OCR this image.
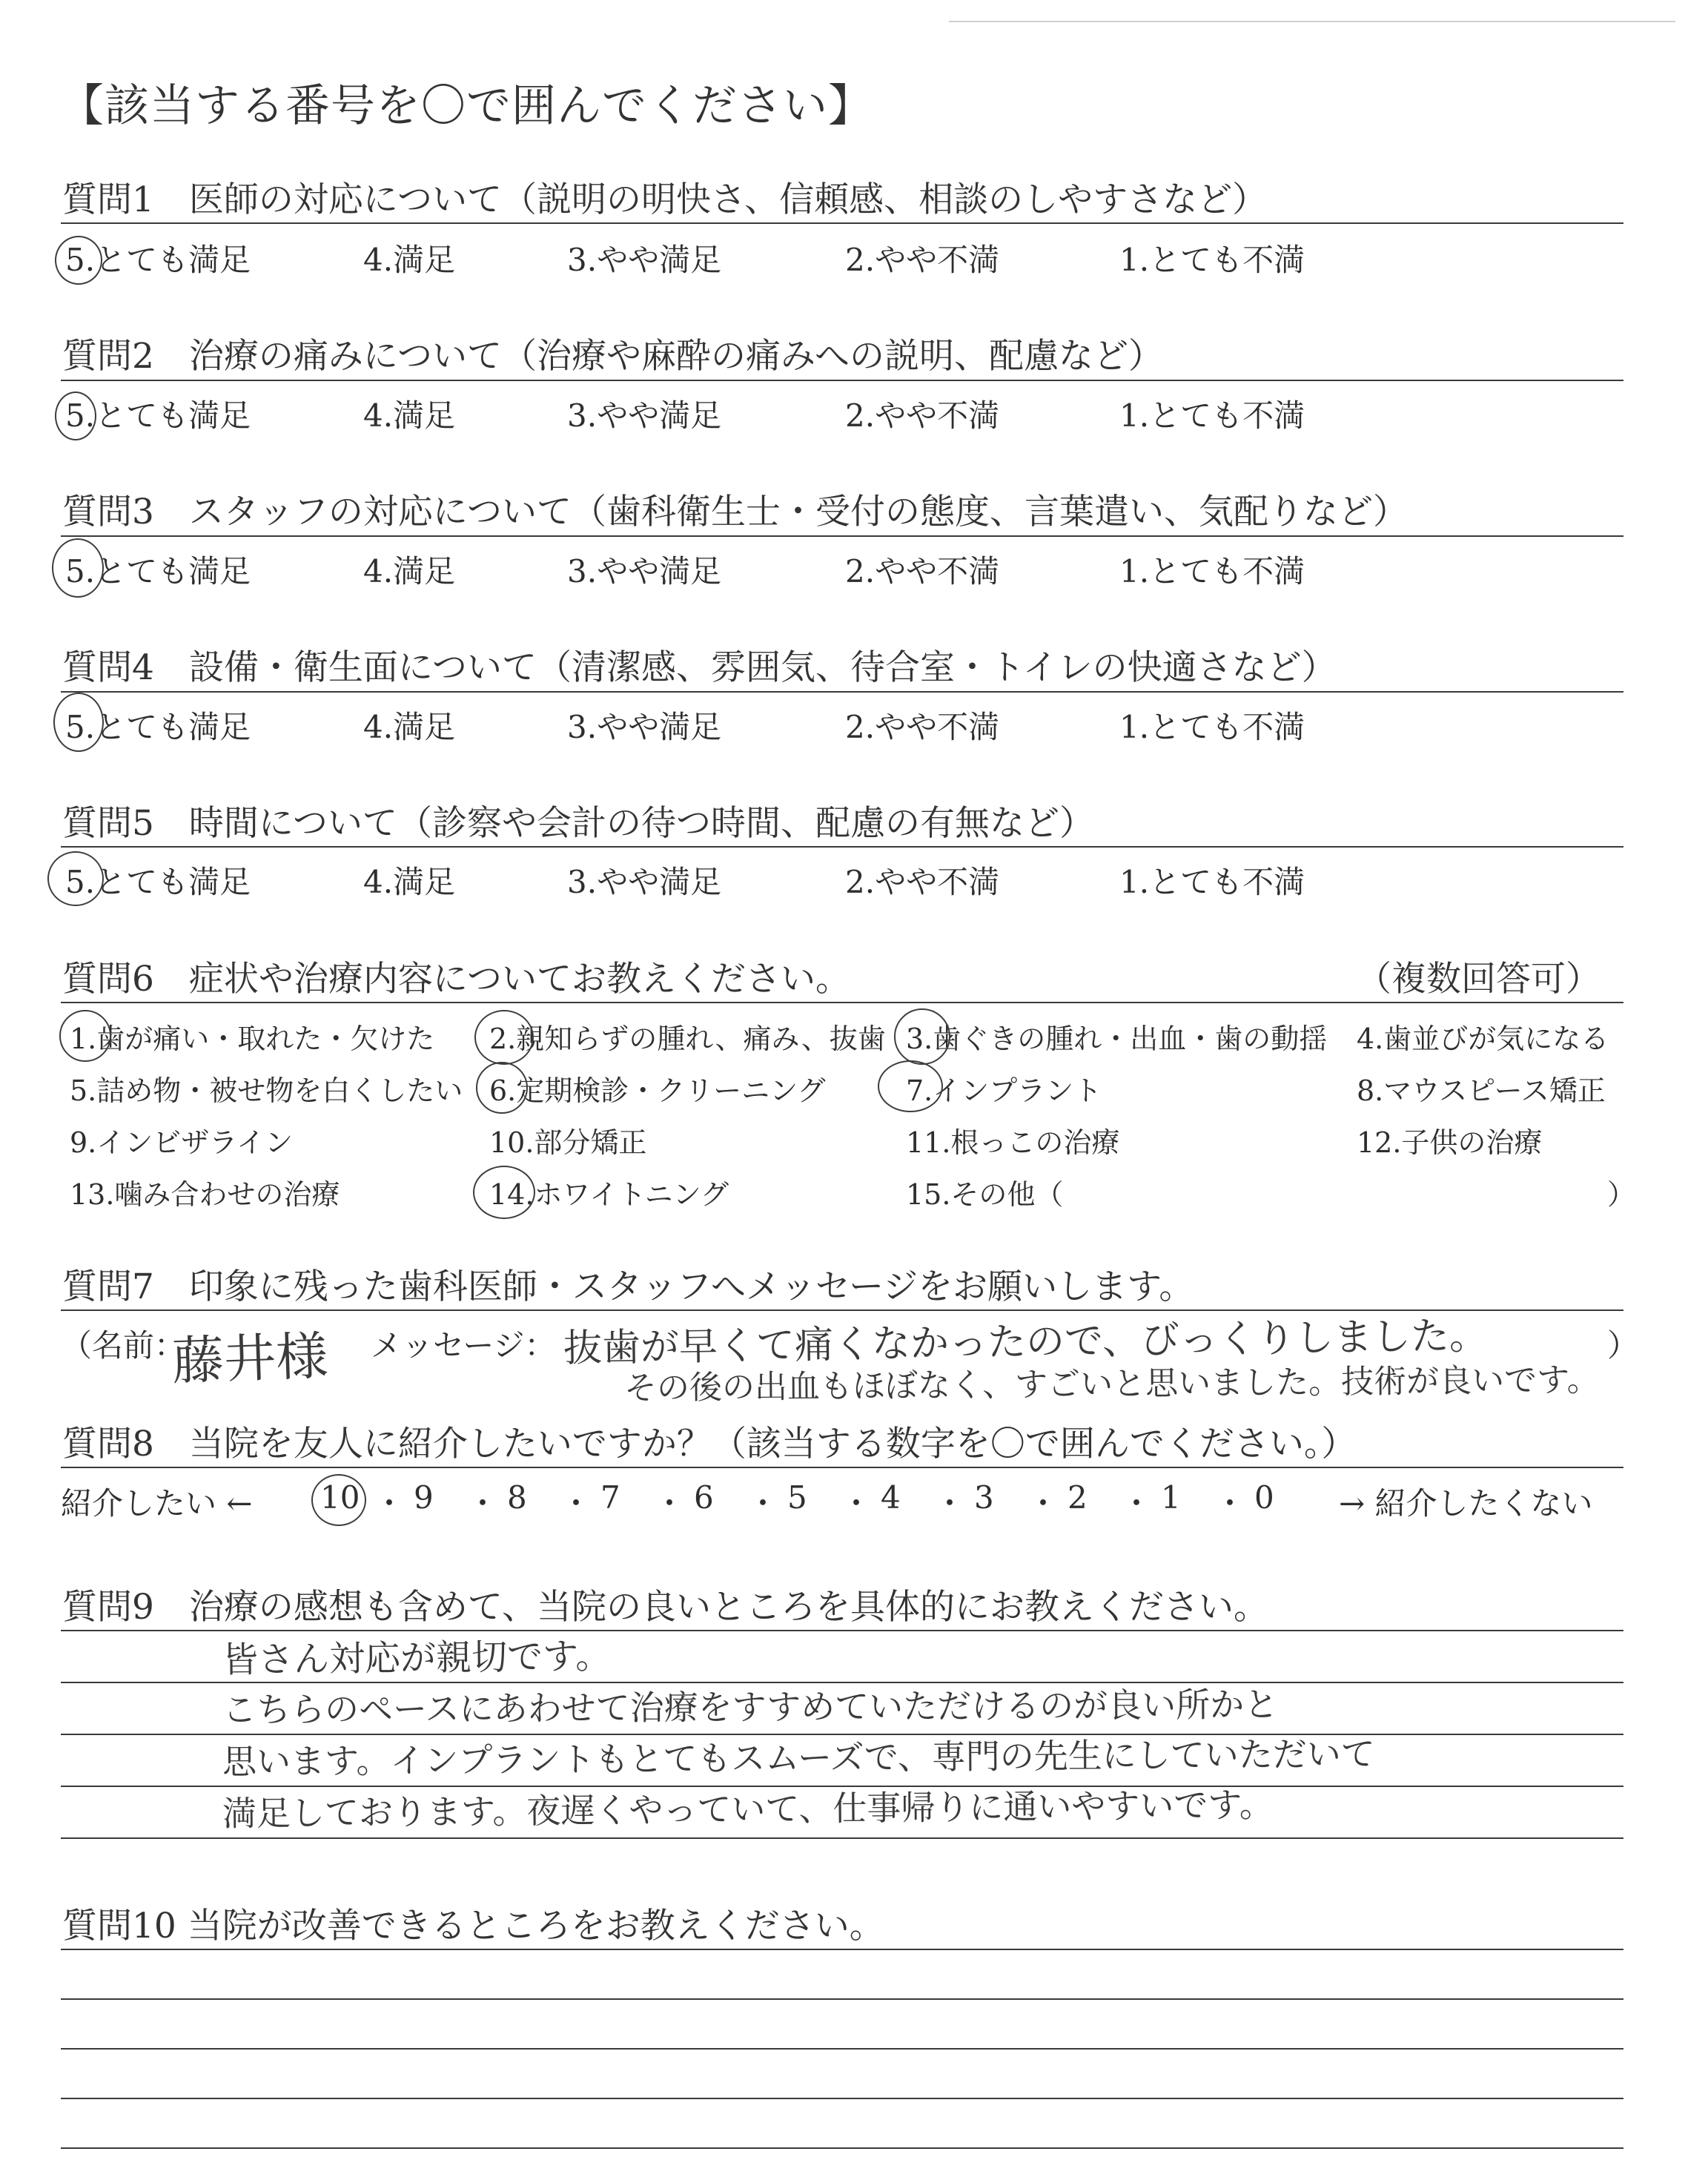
【該当する番号を〇で囲んでください】
質問1　医師の対応について（説明の明快さ、信頼感、相談のしやすさなど）
5.とても満足	4.満足	3.やや満足	2.やや不満	1.とても不満
質問2　治療の痛みについて（治療や麻酔の痛みへの説明、配慮など）
5.とても満足	4.満足	3.やや満足	2.やや不満	1.とても不満
質問3　スタッフの対応について（歯科衛生士・受付の態度、言葉遣い、気配りなど）
5.とても満足	4.満足	3.やや満足	2.やや不満	1.とても不満
質問4　設備・衛生面について（清潔感、雰囲気、待合室・トイレの快適さなど）
5.とても満足	4.満足	3.やや満足	2.やや不満	1.とても不満
質問5　時間について（診察や会計の待つ時間、配慮の有無など）
5.とても満足	4.満足	3.やや満足	2.やや不満	1.とても不満
質問6　症状や治療内容についてお教えください。	（複数回答可）
1.歯が痛い・取れた・欠けた 2.親知らずの腫れ、痛み、抜歯 3.歯ぐきの腫れ・出血・歯の動揺 4.歯並びが気になる
5.詰め物・被せ物を白くしたい 6.定期検診・クリーニング	7.インプラント	8.マウスピース矯正
9.インビザライン	10.部分矯正	11.根っこの治療	12.子供の治療
13.噛み合わせの治療	14.ホワイトニング	15.その他（	）
質問7　印象に残った歯科医師・スタッフへメッセージをお願いします。
（名前：
藤井様 メッセージ： 抜歯が早くて痛くなかったので、びっくりしました。
その後の出血もほぼなく、すごいと思いました。技術が良いです。
）
質問8　当院を友人に紹介したいですか？（該当する数字を〇で囲んでください。）
紹介したい ←	→ 紹介したくない
10 ・ 9 ・ 8 ・ 7 ・ 6 ・ 5 ・ 4 ・ 3 ・ 2 ・ 1 ・ 0
質問9　治療の感想も含めて、当院の良いところを具体的にお教えください。
皆さん対応が親切です。
こちらのペースにあわせて治療をすすめていただけるのが良い所かと
思います。インプラントもとてもスムーズで、専門の先生にしていただいて
満足しております。夜遅くやっていて、仕事帰りに通いやすいです。
質問10 当院が改善できるところをお教えください。
